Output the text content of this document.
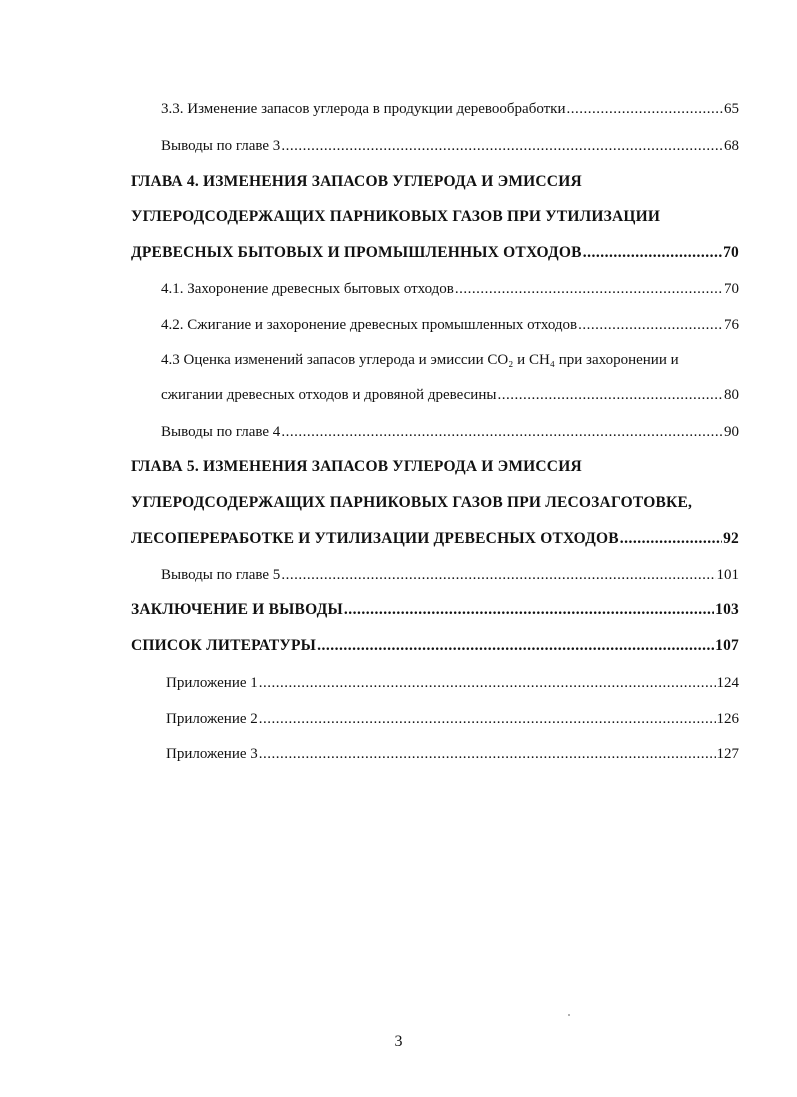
3.3. Изменение запасов углерода в продукции деревообработки .....	65
Выводы по главе 3 .....	68
ГЛАВА 4. ИЗМЕНЕНИЯ ЗАПАСОВ УГЛЕРОДА И ЭМИССИЯ
УГЛЕРОДСОДЕРЖАЩИХ ПАРНИКОВЫХ ГАЗОВ ПРИ УТИЛИЗАЦИИ
ДРЕВЕСНЫХ БЫТОВЫХ И ПРОМЫШЛЕННЫХ ОТХОДОВ .....	70
4.1. Захоронение древесных бытовых отходов .....	70
4.2. Сжигание и захоронение древесных промышленных отходов .....	76
4.3 Оценка изменений запасов углерода и эмиссии CO₂ и CH₄ при захоронении и
сжигании древесных отходов и дровяной древесины .....	80
Выводы по главе 4 .....	90
ГЛАВА 5. ИЗМЕНЕНИЯ ЗАПАСОВ УГЛЕРОДА И ЭМИССИЯ
УГЛЕРОДСОДЕРЖАЩИХ ПАРНИКОВЫХ ГАЗОВ ПРИ ЛЕСОЗАГОТОВКЕ,
ЛЕСОПЕРЕРАБОТКЕ И УТИЛИЗАЦИИ ДРЕВЕСНЫХ ОТХОДОВ .....	92
Выводы по главе 5 .....	101
ЗАКЛЮЧЕНИЕ И ВЫВОДЫ .....	103
СПИСОК ЛИТЕРАТУРЫ .....	107
Приложение 1 .....	124
Приложение 2 .....	126
Приложение 3 .....	127
3
